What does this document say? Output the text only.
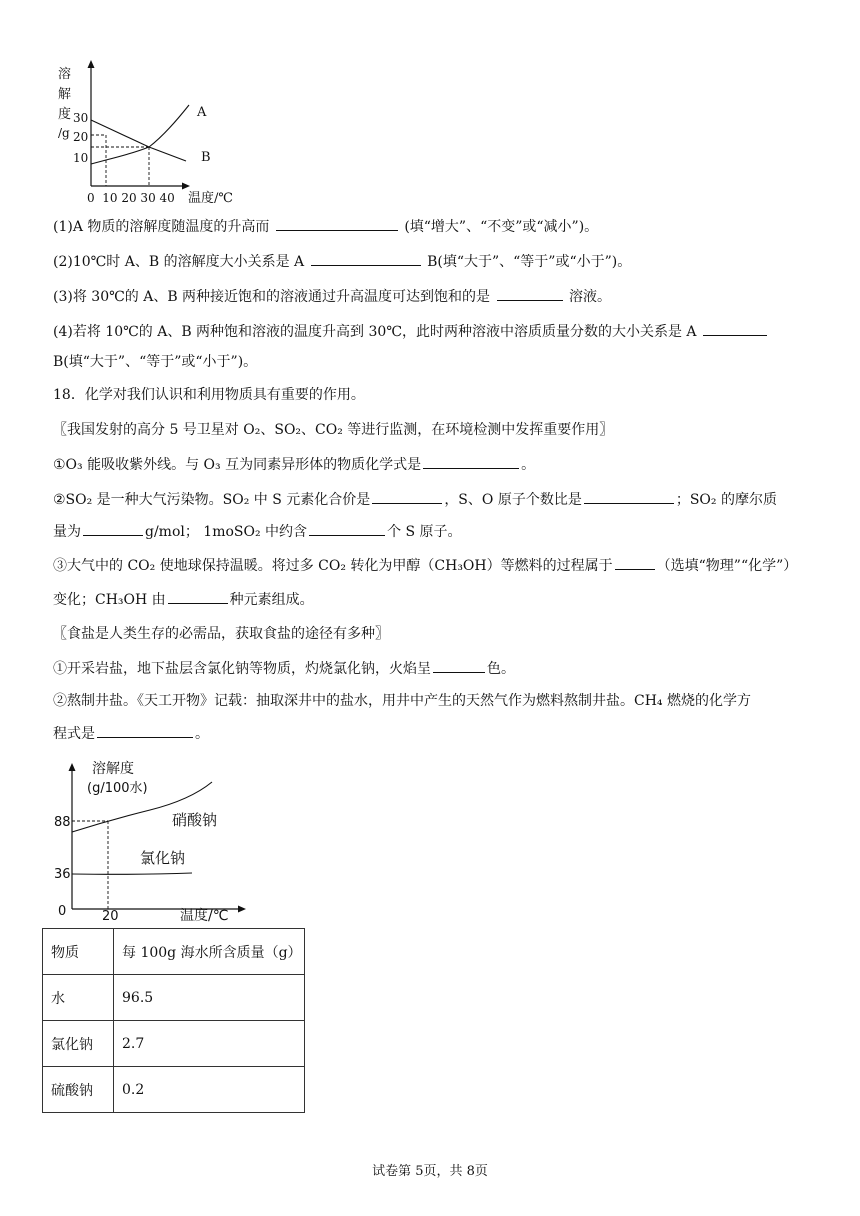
溶
解
度
/g
30
20
10
A
B
0  10 20 30 40 温度/℃
(1)A 物质的溶解度随温度的升高而	(填“增大”、“不变”或“减小”)。
(2)10℃时 A、B 的溶解度大小关系是 A	B(填“大于”、“等于”或“小于”)。
(3)将 30℃的 A、B 两种接近饱和的溶液通过升高温度可达到饱和的是	溶液。
(4)若将 10℃的 A、B 两种饱和溶液的温度升高到 30℃，此时两种溶液中溶质质量分数的大小关系是 A
B(填“大于”、“等于”或“小于”)。
18．化学对我们认识和利用物质具有重要的作用。
〖我国发射的高分 5 号卫星对 O₂、SO₂、CO₂ 等进行监测，在环境检测中发挥重要作用〗
①O₃ 能吸收紫外线。与 O₃ 互为同素异形体的物质化学式是	。
②SO₂ 是一种大气污染物。SO₂ 中 S 元素化合价是	，S、O 原子个数比是	；SO₂ 的摩尔质
量为	g/mol； 1moSO₂ 中约含	个 S 原子。
③大气中的 CO₂ 使地球保持温暖。将过多 CO₂ 转化为甲醇（CH₃OH）等燃料的过程属于	（选填“物理”“化学”）
变化；CH₃OH 由	种元素组成。
〖食盐是人类生存的必需品，获取食盐的途径有多种〗
①开采岩盐，地下盐层含氯化钠等物质，灼烧氯化钠，火焰呈	色。
②熬制井盐。《天工开物》记载：抽取深井中的盐水，用井中产生的天然气作为燃料熬制井盐。CH₄ 燃烧的化学方
程式是	。
溶解度
(g/100水)
88
36
0	20	温度/℃
硝酸钠
氯化钠
物质	每 100g 海水所含质量（g）
水	96.5
氯化钠	2.7
硫酸钠	0.2
试卷第 5页，共 8页
